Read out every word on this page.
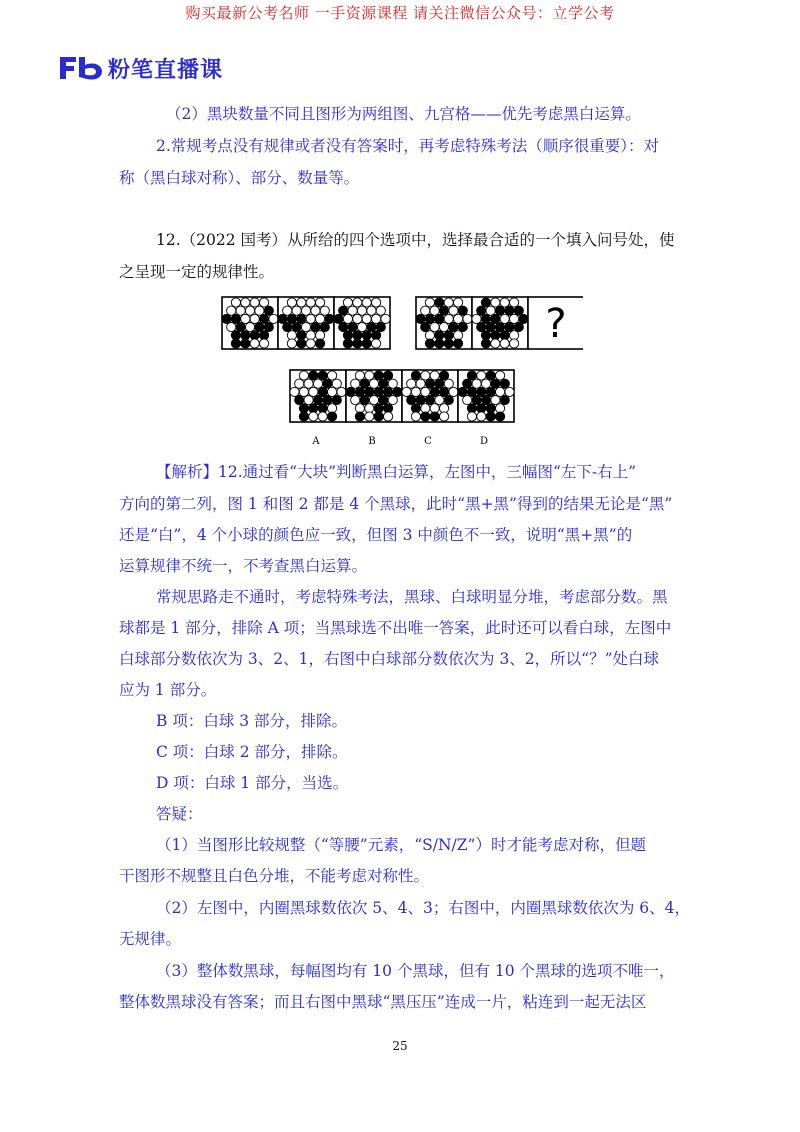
购买最新公考名师 一手资源课程 请关注微信公众号：立学公考
粉笔直播课
（2）黑块数量不同且图形为两组图、九宫格——优先考虑黑白运算。
2.常规考点没有规律或者没有答案时，再考虑特殊考法（顺序很重要）：对
称（黑白球对称）、部分、数量等。
12.（2022 国考）从所给的四个选项中，选择最合适的一个填入问号处，使
之呈现一定的规律性。
?
A	B	C	D
【解析】12.通过看“大块”判断黑白运算，左图中，三幅图“左下-右上”
方向的第二列，图 1 和图 2 都是 4 个黑球，此时“黑+黑”得到的结果无论是“黑”
还是“白”，4 个小球的颜色应一致，但图 3 中颜色不一致，说明“黑+黑”的
运算规律不统一，不考查黑白运算。
常规思路走不通时，考虑特殊考法，黑球、白球明显分堆，考虑部分数。黑
球都是 1 部分，排除 A 项；当黑球选不出唯一答案，此时还可以看白球，左图中
白球部分数依次为 3、2、1，右图中白球部分数依次为 3、2，所以“？”处白球
应为 1 部分。
B 项：白球 3 部分，排除。
C 项：白球 2 部分，排除。
D 项：白球 1 部分，当选。
答疑：
（1）当图形比较规整（“等腰”元素，“S/N/Z”）时才能考虑对称，但题
干图形不规整且白色分堆，不能考虑对称性。
（2）左图中，内圈黑球数依次 5、4、3；右图中，内圈黑球数依次为 6、4，
无规律。
（3）整体数黑球，每幅图均有 10 个黑球，但有 10 个黑球的选项不唯一，
整体数黑球没有答案；而且右图中黑球“黑压压”连成一片，粘连到一起无法区
25
